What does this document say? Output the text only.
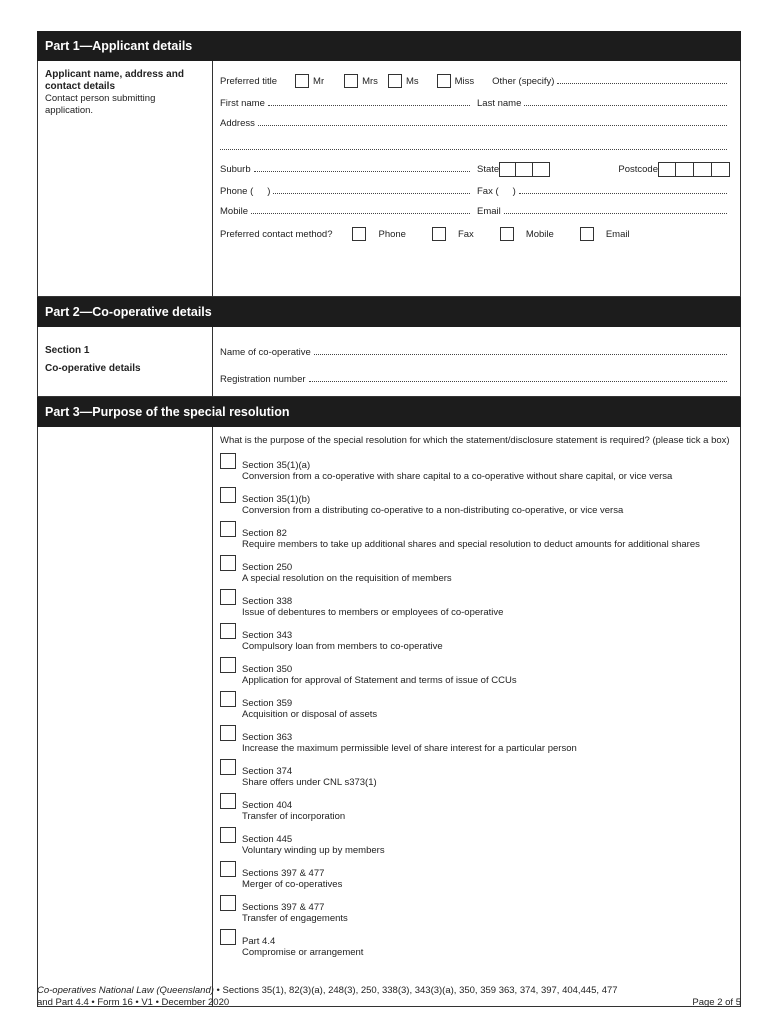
Part 1—Applicant details
Applicant name, address and contact details
Contact person submitting application.
Preferred title	Mr	Mrs	Ms	Miss Other (specify)
First name	Last name
Address
Suburb	State	Postcode
Phone ( )	Fax ( )
Mobile	Email
Preferred contact method?	Phone	Fax	Mobile	Email
Part 2—Co-operative details
Section 1
Co-operative details
Name of co-operative
Registration number
Part 3—Purpose of the special resolution
What is the purpose of the special resolution for which the statement/disclosure statement is required? (please tick a box)
Section 35(1)(a)
Conversion from a co-operative with share capital to a co-operative without share capital, or vice versa
Section 35(1)(b)
Conversion from a distributing co-operative to a non-distributing co-operative, or vice versa
Section 82
Require members to take up additional shares and special resolution to deduct amounts for additional shares
Section 250
A special resolution on the requisition of members
Section 338
Issue of debentures to members or employees of co-operative
Section 343
Compulsory loan from members to co-operative
Section 350
Application for approval of Statement and terms of issue of CCUs
Section 359
Acquisition or disposal of assets
Section 363
Increase the maximum permissible level of share interest for a particular person
Section 374
Share offers under CNL s373(1)
Section 404
Transfer of incorporation
Section 445
Voluntary winding up by members
Sections 397 & 477
Merger of co-operatives
Sections 397 & 477
Transfer of engagements
Part 4.4
Compromise or arrangement
Co-operatives National Law (Queensland) • Sections 35(1), 82(3)(a), 248(3), 250, 338(3), 343(3)(a), 350, 359 363, 374, 397, 404,445, 477
and Part 4.4 • Form 16 • V1 • December 2020	Page 2 of 5
